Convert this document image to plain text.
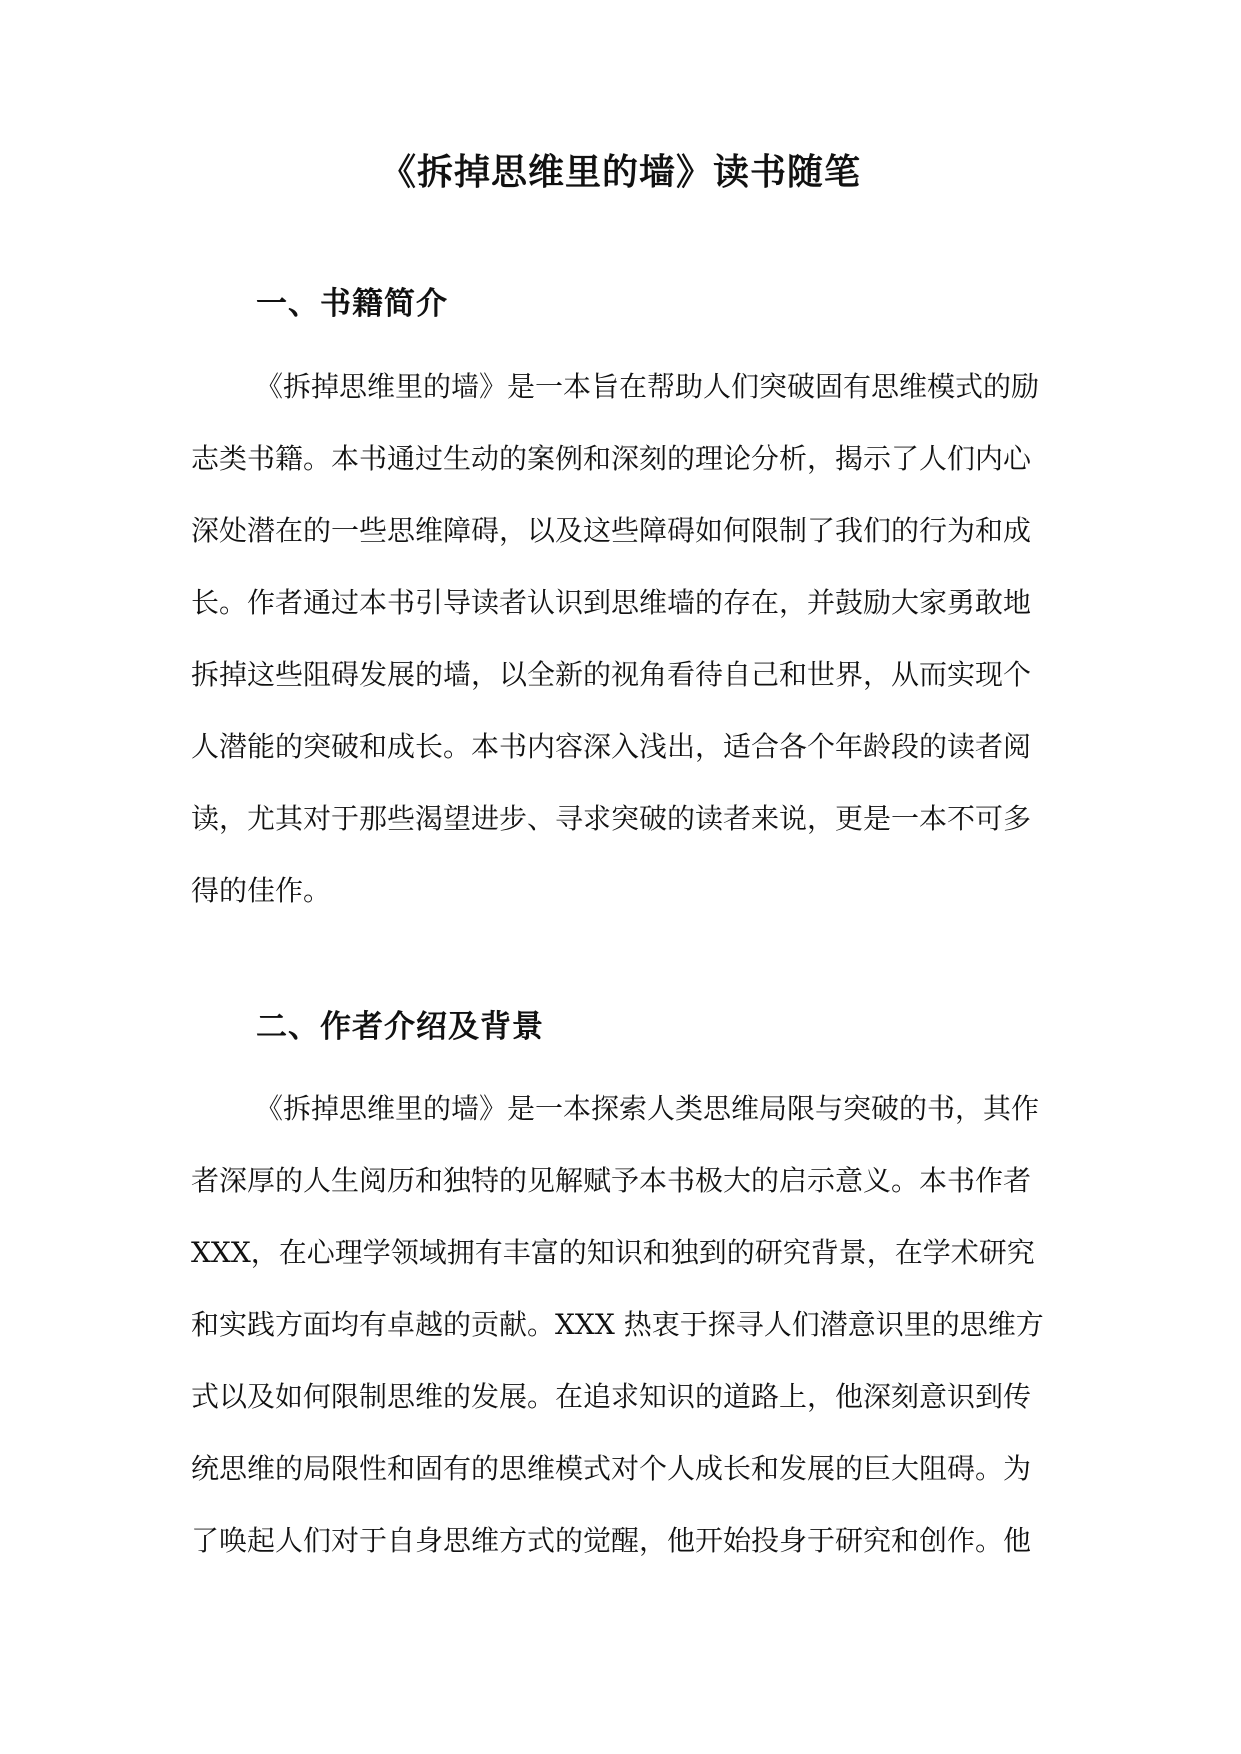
《拆掉思维里的墙》读书随笔
一、书籍简介
《拆掉思维里的墙》是一本旨在帮助人们突破固有思维模式的励
志类书籍。本书通过生动的案例和深刻的理论分析，揭示了人们内心
深处潜在的一些思维障碍，以及这些障碍如何限制了我们的行为和成
长。作者通过本书引导读者认识到思维墙的存在，并鼓励大家勇敢地
拆掉这些阻碍发展的墙，以全新的视角看待自己和世界，从而实现个
人潜能的突破和成长。本书内容深入浅出，适合各个年龄段的读者阅
读，尤其对于那些渴望进步、寻求突破的读者来说，更是一本不可多
得的佳作。
二、作者介绍及背景
《拆掉思维里的墙》是一本探索人类思维局限与突破的书，其作
者深厚的人生阅历和独特的见解赋予本书极大的启示意义。本书作者
XXX，在心理学领域拥有丰富的知识和独到的研究背景，在学术研究
和实践方面均有卓越的贡献。XXX 热衷于探寻人们潜意识里的思维方
式以及如何限制思维的发展。在追求知识的道路上，他深刻意识到传
统思维的局限性和固有的思维模式对个人成长和发展的巨大阻碍。为
了唤起人们对于自身思维方式的觉醒，他开始投身于研究和创作。他
